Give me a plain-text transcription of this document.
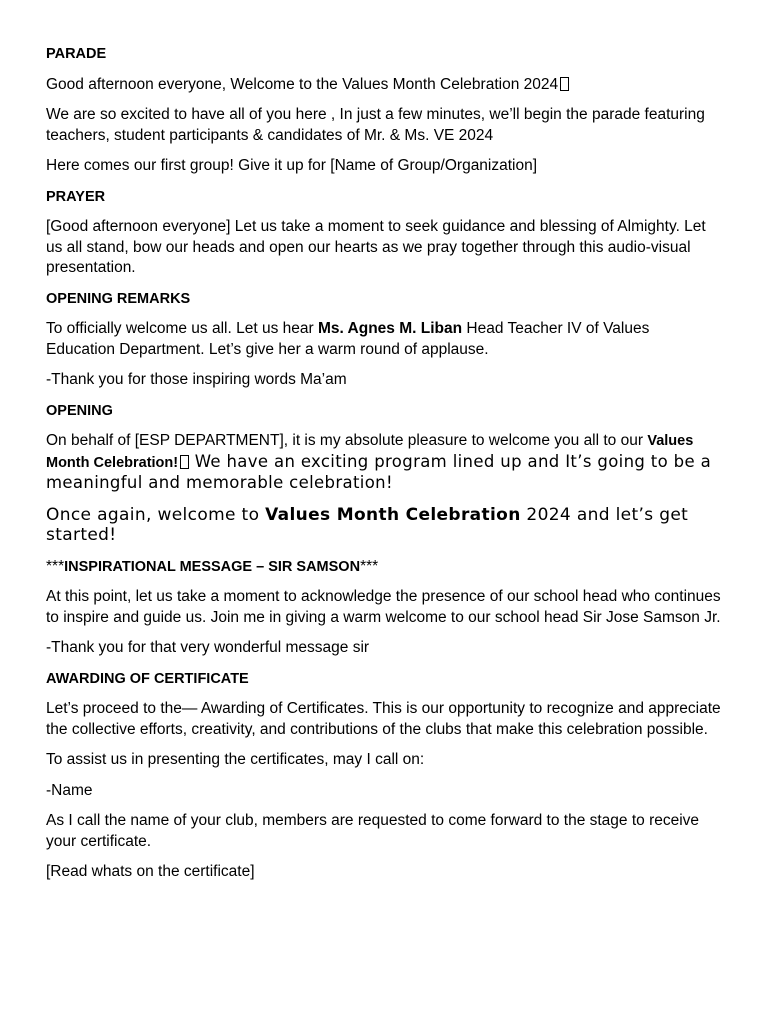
PARADE

Good afternoon everyone, Welcome to the Values Month Celebration 2024

We are so excited to have all of you here , In just a few minutes, we’ll begin the parade featuring teachers, student participants & candidates of Mr. & Ms. VE 2024

Here comes our first group! Give it up for [Name of Group/Organization]

PRAYER

[Good afternoon everyone] Let us take a moment to seek guidance and blessing of Almighty. Let us all stand, bow our heads and open our hearts as we pray together through this audio-visual presentation.

OPENING REMARKS

To officially welcome us all. Let us hear Ms. Agnes M. Liban Head Teacher IV of Values Education Department. Let’s give her a warm round of applause.

-Thank you for those inspiring words Ma’am

OPENING

On behalf of [ESP DEPARTMENT], it is my absolute pleasure to welcome you all to our Values Month Celebration! We have an exciting program lined up and It’s going to be a meaningful and memorable celebration!

Once again, welcome to Values Month Celebration 2024 and let’s get started!

***INSPIRATIONAL MESSAGE – SIR SAMSON***

At this point, let us take a moment to acknowledge the presence of our school head who continues to inspire and guide us. Join me in giving a warm welcome to our school head Sir Jose Samson Jr.

-Thank you for that very wonderful message sir

AWARDING OF CERTIFICATE

Let’s proceed to the— Awarding of Certificates. This is our opportunity to recognize and appreciate the collective efforts, creativity, and contributions of the clubs that make this celebration possible.

To assist us in presenting the certificates, may I call on:

-Name

As I call the name of your club, members are requested to come forward to the stage to receive your certificate.

[Read whats on the certificate]
